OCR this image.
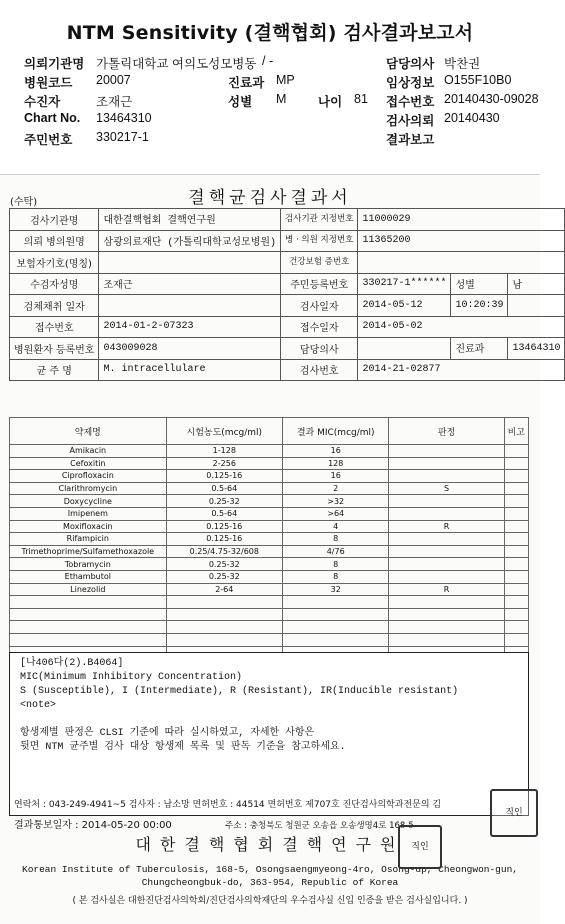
NTM Sensitivity (결핵협회) 검사결과보고서
의뢰기관명 가톨릭대학교 여의도성모병동 / -	담당의사 박찬권
병원코드 20007	진료과 MP	임상정보 O155F10B0
수진자	조재근	성별 M	나이 81 접수번호 20140430-09028
Chart No. 13464310	검사의뢰 20140430
주민번호 330217-1	결과보고
(수탁)	결핵균검사결과서
검사기관명	대한결핵협회 결핵연구원	검사기관 지정번호	11000029		
의뢰 병의원명	삼광의료재단 (가톨릭대학교성모병원)	병 · 의원 지정번호	11365200		
보험자기호(명칭)		건강보험 증번호			
수검자성명	조재근	주민등록번호	330217-1******	성별	남
검체채취 일자		검사일자	2014-05-12	10:20:39	
접수번호	2014-01-2-07323	접수일자	2014-05-02		
병원환자 등록번호	043009028	담당의사		진료과	13464310
균 주 명	M. intracellulare	검사번호	2014-21-02877		
약제명	시험농도(mcg/ml)	결과 MIC(mcg/ml)	판정	비고
Amikacin	1-128	16		
Cefoxitin	2-256	128		
Ciprofloxacin	0.125-16	16		
Clarithromycin	0.5-64	2	S	
Doxycycline	0.25-32	>32		
Imipenem	0.5-64	>64		
Moxifloxacin	0.125-16	4	R	
Rifampicin	0.125-16	8		
Trimethoprime/Sulfamethoxazole	0.25/4.75-32/608	4/76		
Tobramycin	0.25-32	8		
Ethambutol	0.25-32	8		
Linezolid	2-64	32	R	

[나406다(2).B4064]
MIC(Minimum Inhibitory Concentration)
S (Susceptible), I (Intermediate), R (Resistant), IR(Inducible resistant)
<note>
항생제별 판정은 CLSI 기준에 따라 실시하였고, 자세한 사항은
뒷면 NTM 균주별 검사 대상 항생제 목록 및 판독 기준을 참고하세요.
연락처 : 043-249-4941~5 검사자 : 남소망 면허번호 : 44514 면허번호 제707호 진단검사의학과전문의 김
결과통보일자 : 2014-05-20 00:00	주소 : 충청북도 청원군 오송읍 오송생명4로 168-5
대한결핵협회결핵연구원
Korean Institute of Tuberculosis, 168-5, Osongsaengmyeong-4ro, Osong-up, Cheongwon-gun,
Chungcheongbuk-do, 363-954, Republic of Korea
( 본 검사실은 대한진단검사의학회/진단검사의학재단의 우수검사실 신입 인증을 받은 검사실입니다. )
직인
직인
